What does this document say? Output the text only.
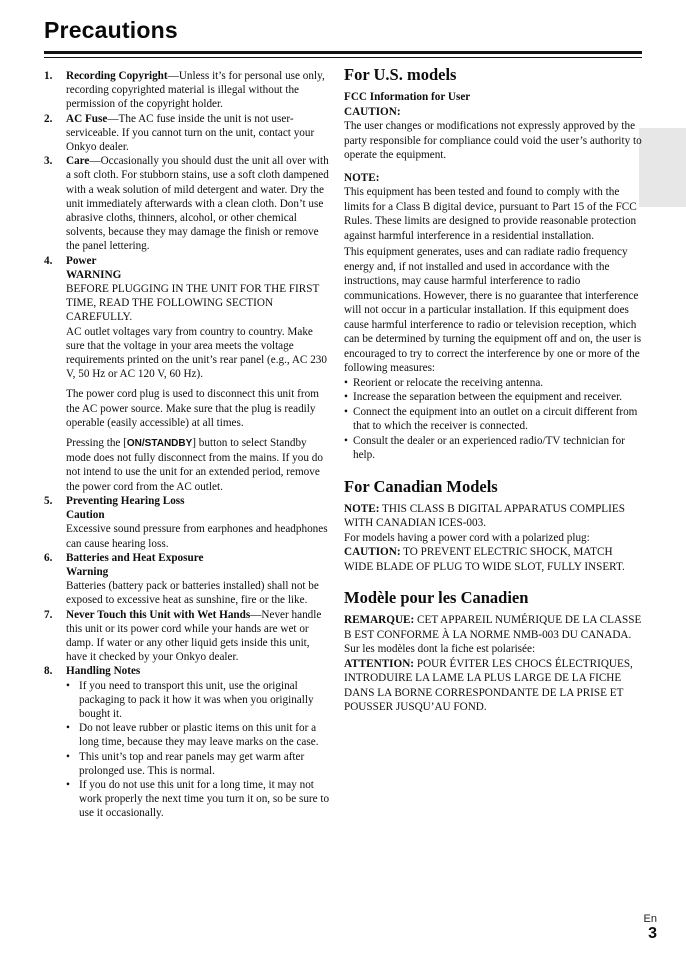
Precautions
1.	Recording Copyright—Unless it’s for personal use only, recording copyrighted material is illegal without the permission of the copyright holder.
2.	AC Fuse—The AC fuse inside the unit is not user-serviceable. If you cannot turn on the unit, contact your Onkyo dealer.
3.	Care—Occasionally you should dust the unit all over with a soft cloth. For stubborn stains, use a soft cloth dampened with a weak solution of mild detergent and water. Dry the unit immediately afterwards with a clean cloth. Don’t use abrasive cloths, thinners, alcohol, or other chemical solvents, because they may damage the finish or remove the panel lettering.
4.	Power
WARNING
BEFORE PLUGGING IN THE UNIT FOR THE FIRST TIME, READ THE FOLLOWING SECTION CAREFULLY.
AC outlet voltages vary from country to country. Make sure that the voltage in your area meets the voltage requirements printed on the unit’s rear panel (e.g., AC 230 V, 50 Hz or AC 120 V, 60 Hz).
The power cord plug is used to disconnect this unit from the AC power source. Make sure that the plug is readily operable (easily accessible) at all times.
Pressing the [ON/STANDBY] button to select Standby mode does not fully disconnect from the mains. If you do not intend to use the unit for an extended period, remove the power cord from the AC outlet.
5.	Preventing Hearing Loss
Caution
Excessive sound pressure from earphones and headphones can cause hearing loss.
6.	Batteries and Heat Exposure
Warning
Batteries (battery pack or batteries installed) shall not be exposed to excessive heat as sunshine, fire or the like.
7.	Never Touch this Unit with Wet Hands—Never handle this unit or its power cord while your hands are wet or damp. If water or any other liquid gets inside this unit, have it checked by your Onkyo dealer.
8.	Handling Notes
• If you need to transport this unit, use the original packaging to pack it how it was when you originally bought it.
• Do not leave rubber or plastic items on this unit for a long time, because they may leave marks on the case.
• This unit’s top and rear panels may get warm after prolonged use. This is normal.
• If you do not use this unit for a long time, it may not work properly the next time you turn it on, so be sure to use it occasionally.
For U.S. models
FCC Information for User
CAUTION:
The user changes or modifications not expressly approved by the party responsible for compliance could void the user’s authority to operate the equipment.
NOTE:
This equipment has been tested and found to comply with the limits for a Class B digital device, pursuant to Part 15 of the FCC Rules. These limits are designed to provide reasonable protection against harmful interference in a residential installation.
This equipment generates, uses and can radiate radio frequency energy and, if not installed and used in accordance with the instructions, may cause harmful interference to radio communications. However, there is no guarantee that interference will not occur in a particular installation. If this equipment does cause harmful interference to radio or television reception, which can be determined by turning the equipment off and on, the user is encouraged to try to correct the interference by one or more of the following measures:
• Reorient or relocate the receiving antenna.
• Increase the separation between the equipment and receiver.
• Connect the equipment into an outlet on a circuit different from that to which the receiver is connected.
• Consult the dealer or an experienced radio/TV technician for help.
For Canadian Models
NOTE: THIS CLASS B DIGITAL APPARATUS COMPLIES WITH CANADIAN ICES-003.
For models having a power cord with a polarized plug:
CAUTION: TO PREVENT ELECTRIC SHOCK, MATCH WIDE BLADE OF PLUG TO WIDE SLOT, FULLY INSERT.
Modèle pour les Canadien
REMARQUE: CET APPAREIL NUMÉRIQUE DE LA CLASSE B EST CONFORME À LA NORME NMB-003 DU CANADA.
Sur les modèles dont la fiche est polarisée:
ATTENTION: POUR ÉVITER LES CHOCS ÉLECTRIQUES, INTRODUIRE LA LAME LA PLUS LARGE DE LA FICHE DANS LA BORNE CORRESPONDANTE DE LA PRISE ET POUSSER JUSQU’AU FOND.
En
3
